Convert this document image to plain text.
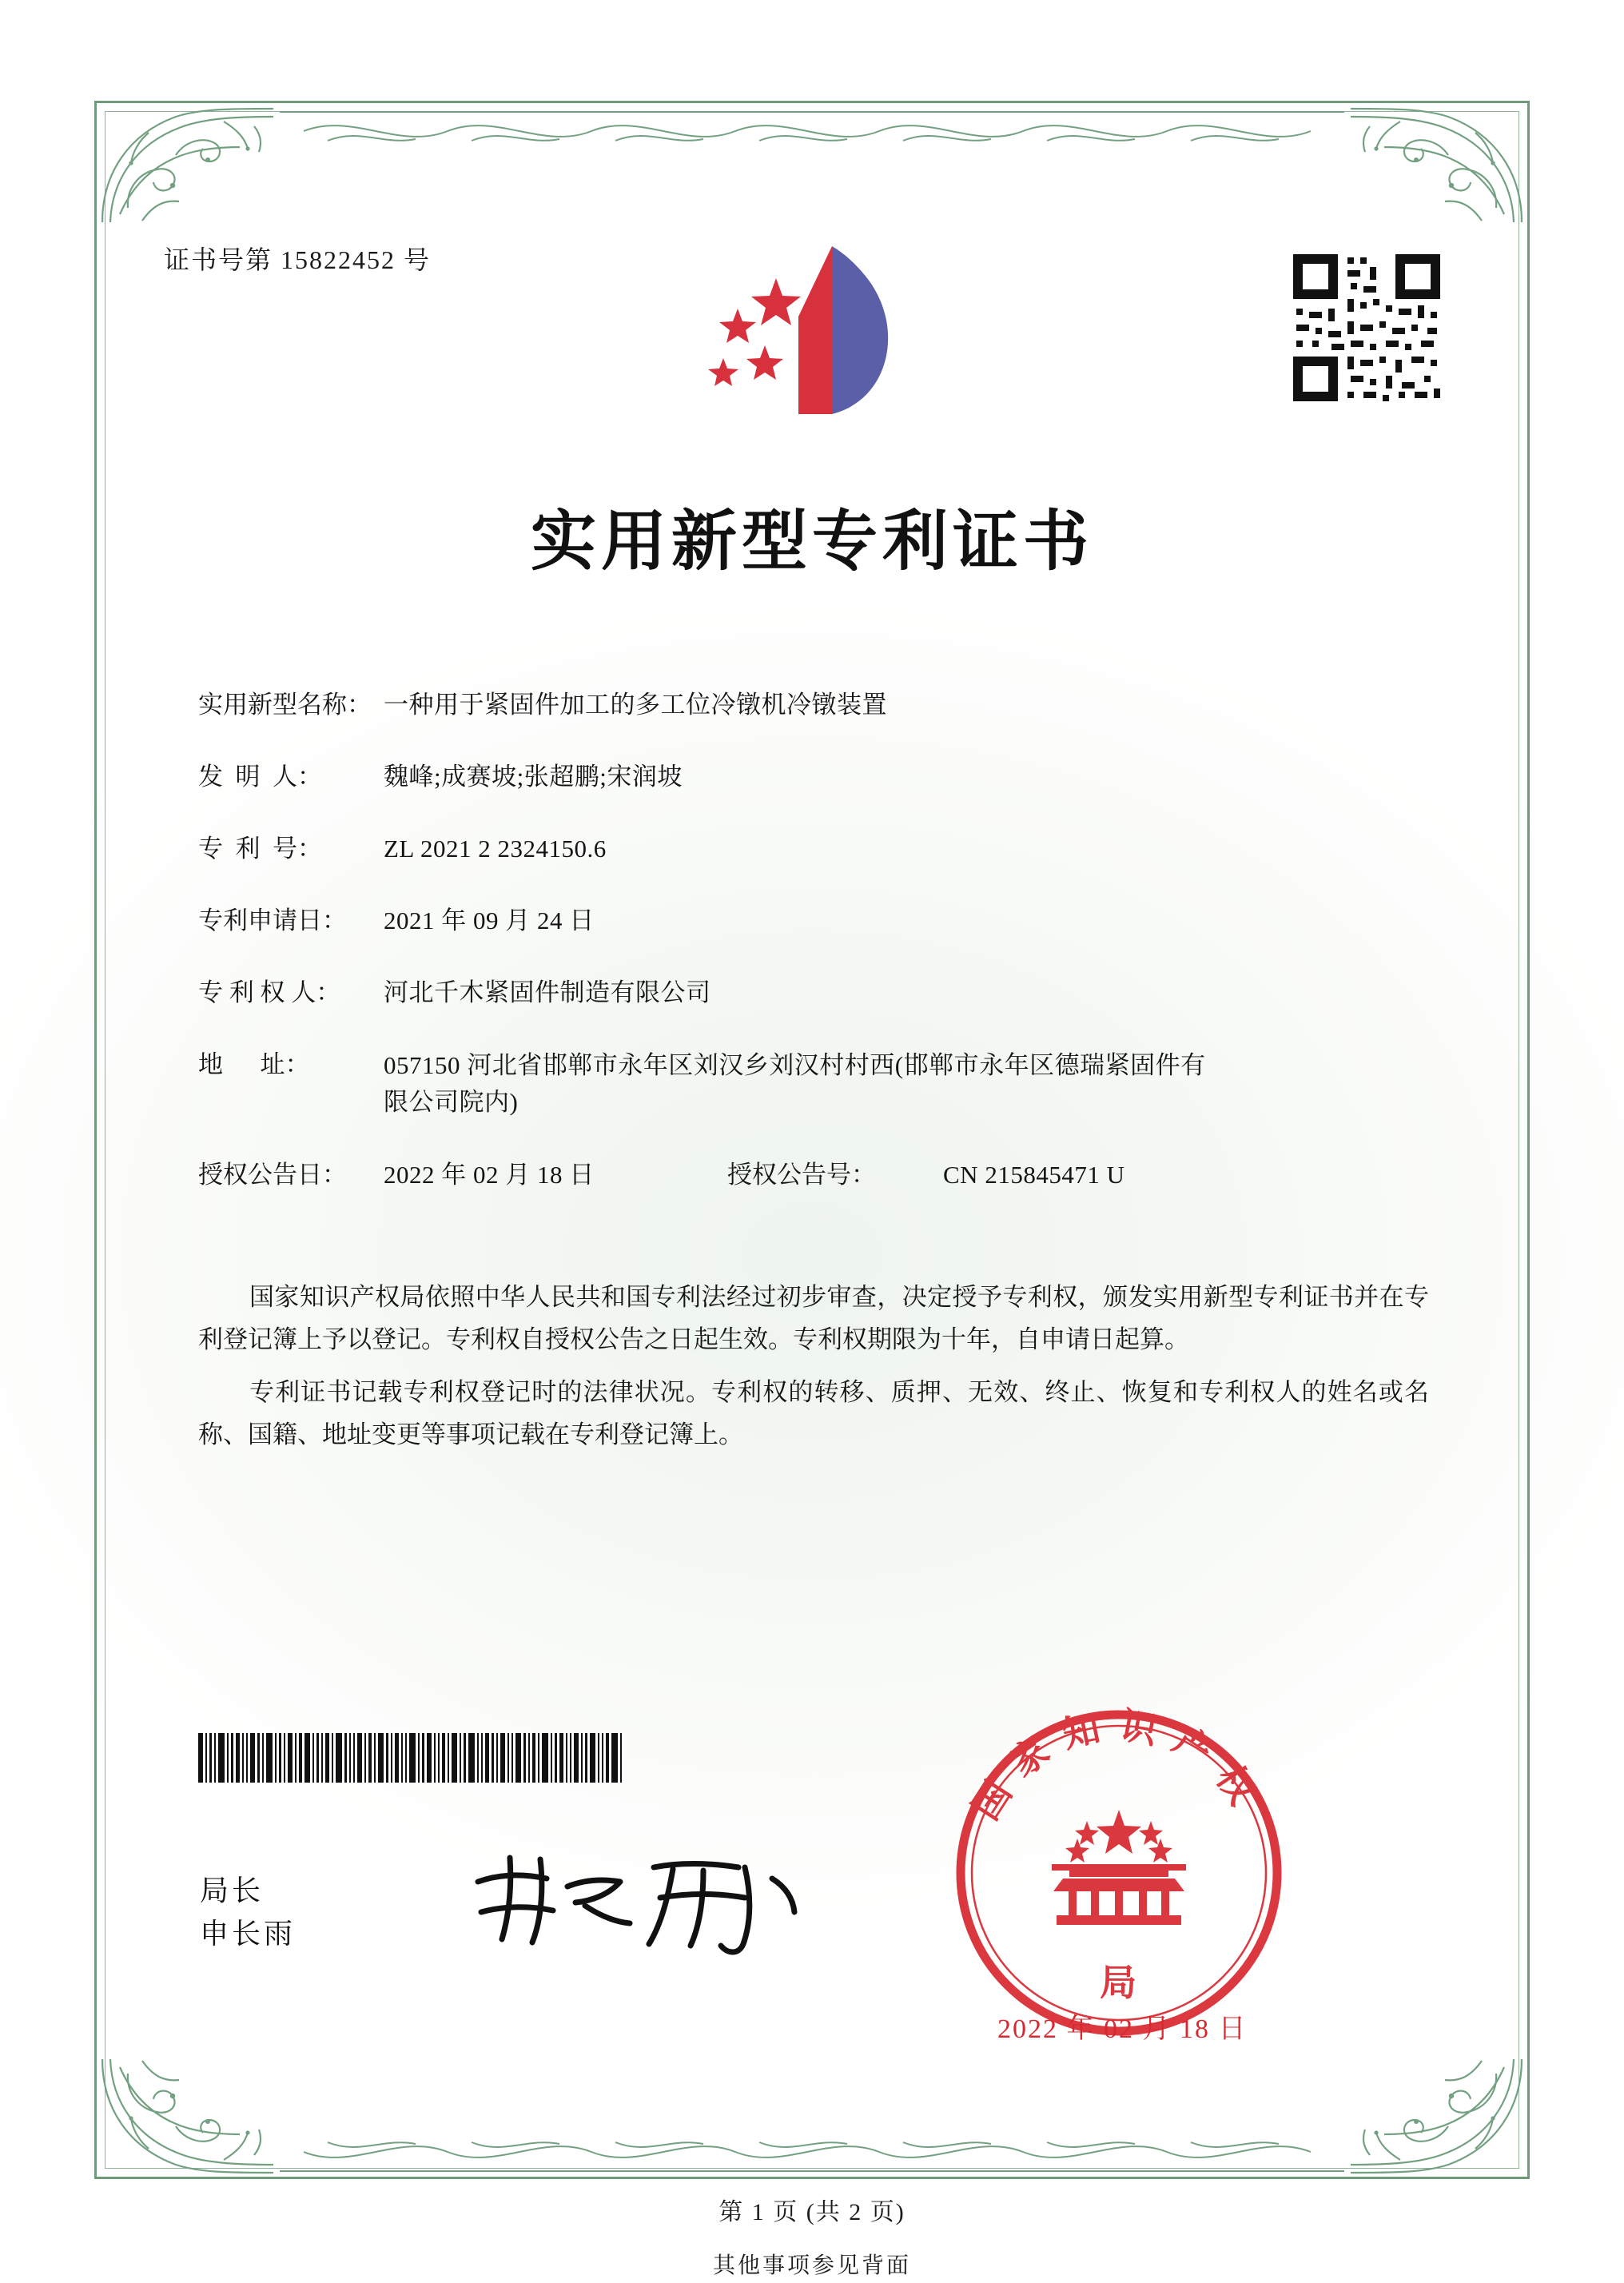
证书号第 15822452 号
实用新型专利证书
实用新型名称： 一种用于紧固件加工的多工位冷镦机冷镦装置
发  明  人：	魏峰;成赛坡;张超鹏;宋润坡
专  利  号：	ZL 2021 2 2324150.6
专利申请日：	2021 年 09 月 24 日
专 利 权 人：	河北千木紧固件制造有限公司
地      址：	057150 河北省邯郸市永年区刘汉乡刘汉村村西(邯郸市永年区德瑞紧固件有限公司院内)
授权公告日：	2022 年 02 月 18 日	授权公告号：	CN 215845471 U

国家知识产权局依照中华人民共和国专利法经过初步审查，决定授予专利权，颁发实用新型专利证书并在专利登记簿上予以登记。专利权自授权公告之日起生效。专利权期限为十年，自申请日起算。

专利证书记载专利权登记时的法律状况。专利权的转移、质押、无效、终止、恢复和专利权人的姓名或名称、国籍、地址变更等事项记载在专利登记簿上。

局长
申长雨
国家知识产权
局
2022 年 02 月 18 日
第 1 页 (共 2 页)
其他事项参见背面
